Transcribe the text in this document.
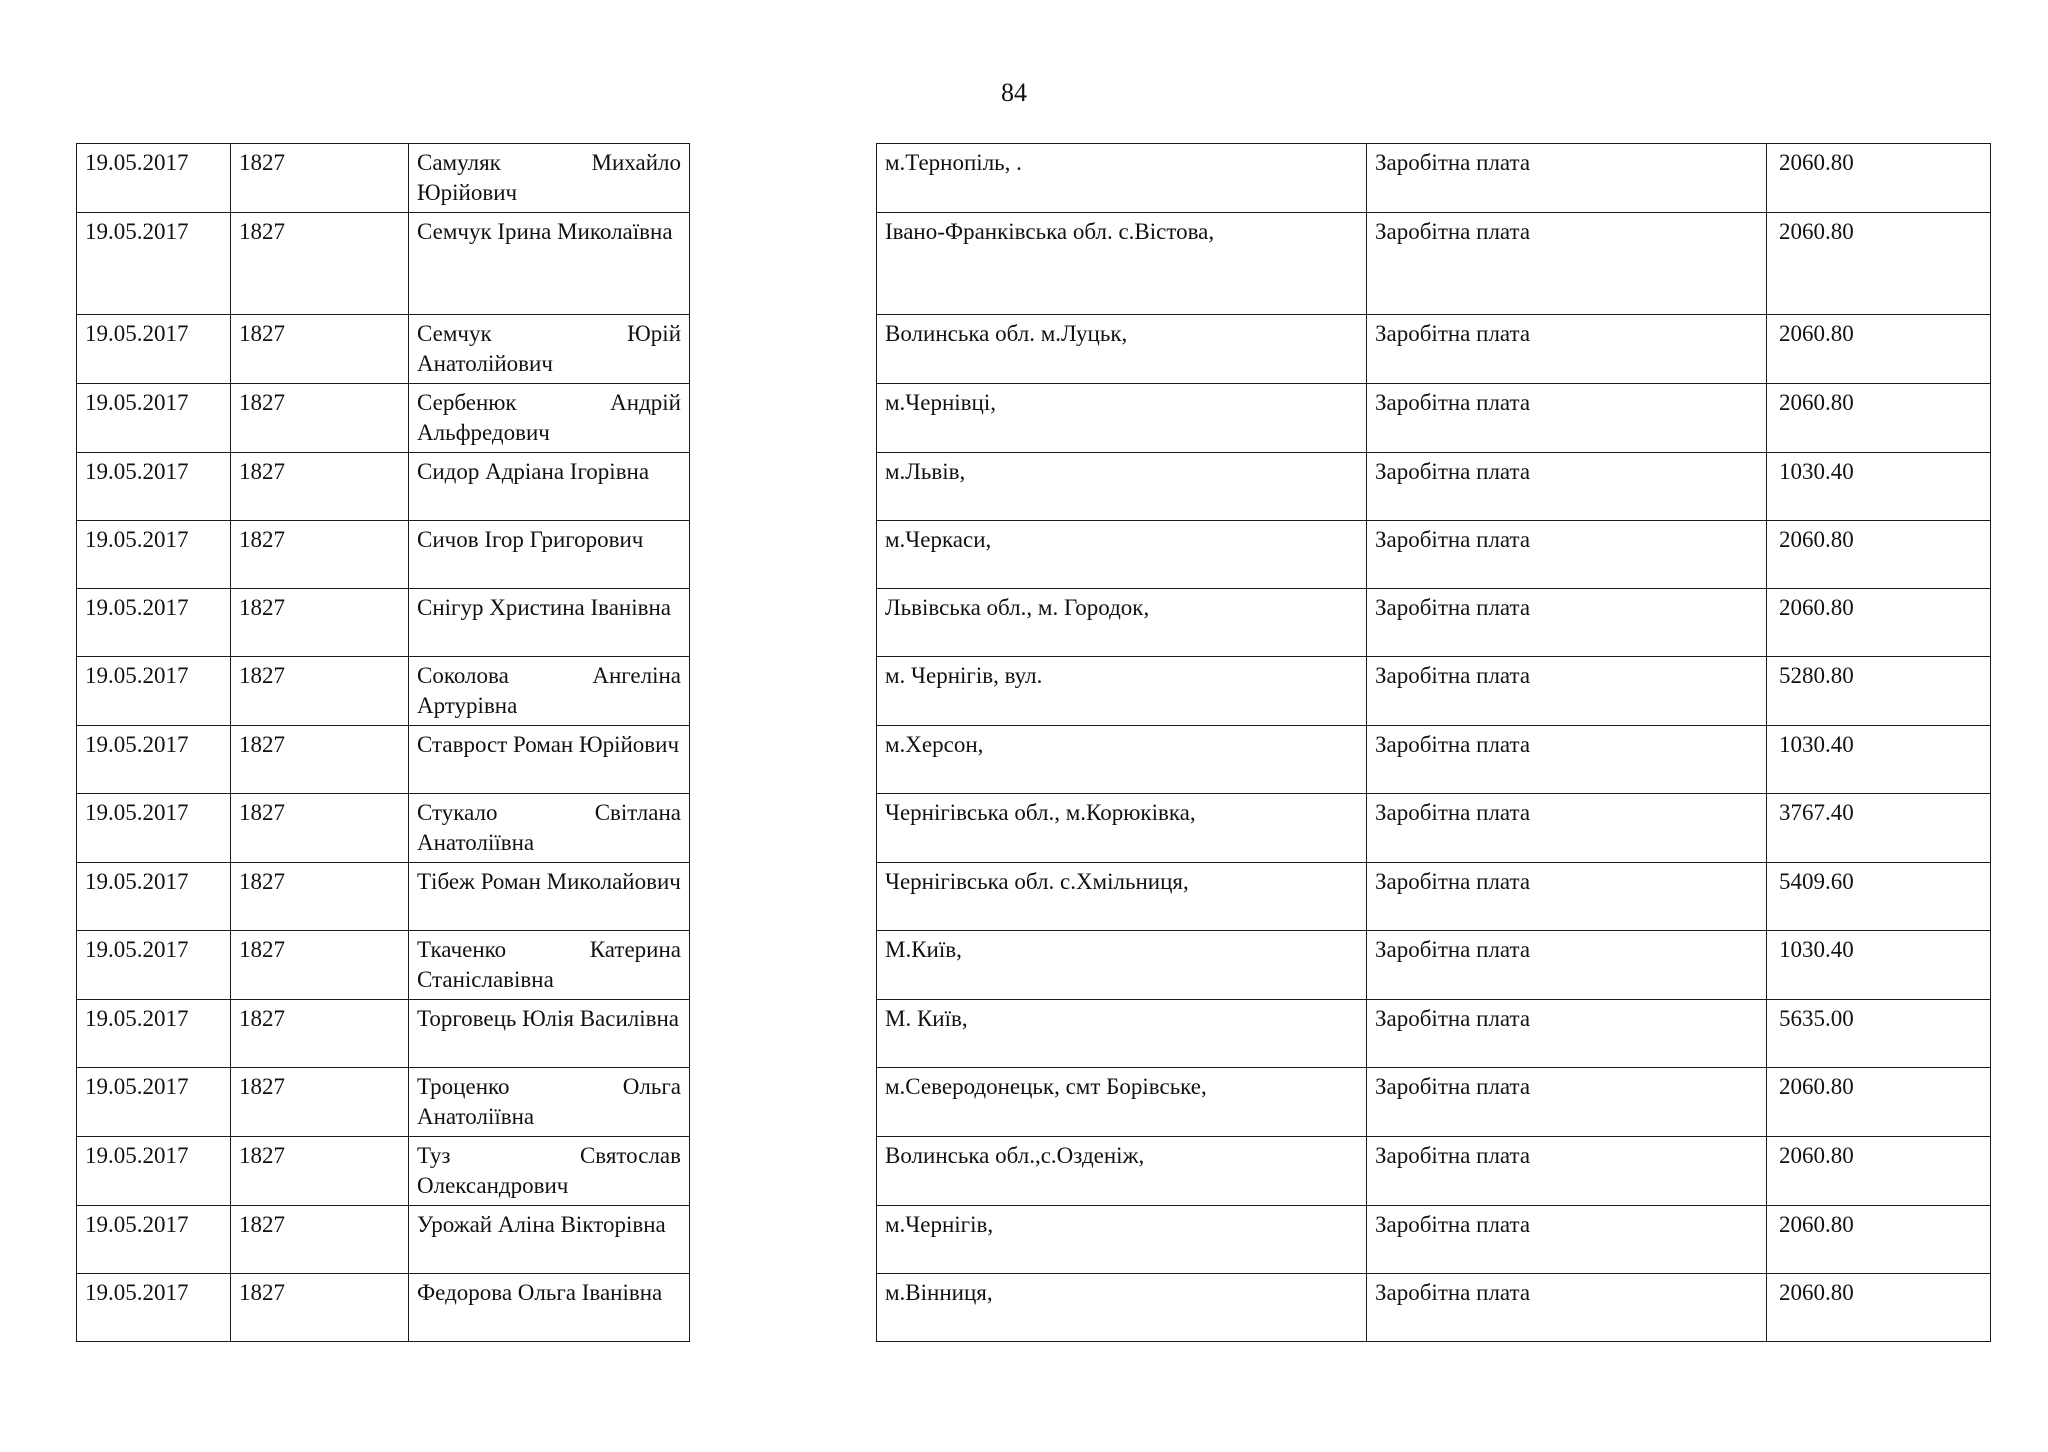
84
19.05.2017	1827	Самуляк Михайло Юрійович		м.Тернопіль, .	Заробітна плата	2060.80
19.05.2017	1827	Семчук Ірина Миколаївна		Івано-Франківська обл. с.Вістова,	Заробітна плата	2060.80
19.05.2017	1827	Семчук Юрій Анатолійович		Волинська обл. м.Луцьк,	Заробітна плата	2060.80
19.05.2017	1827	Сербенюк Андрій Альфредович		м.Чернівці,	Заробітна плата	2060.80
19.05.2017	1827	Сидор Адріана Ігорівна		м.Львів,	Заробітна плата	1030.40
19.05.2017	1827	Сичов Ігор Григорович		м.Черкаси,	Заробітна плата	2060.80
19.05.2017	1827	Снігур Христина Іванівна		Львівська обл., м. Городок,	Заробітна плата	2060.80
19.05.2017	1827	Соколова Ангеліна Артурівна		м. Чернігів, вул.	Заробітна плата	5280.80
19.05.2017	1827	Ставрост Роман Юрійович		м.Херсон,	Заробітна плата	1030.40
19.05.2017	1827	Стукало Світлана Анатоліївна		Чернігівська обл., м.Корюківка,	Заробітна плата	3767.40
19.05.2017	1827	Тібеж Роман Миколайович		Чернігівська обл. с.Хмільниця,	Заробітна плата	5409.60
19.05.2017	1827	Ткаченко Катерина Станіславівна		М.Київ,	Заробітна плата	1030.40
19.05.2017	1827	Торговець Юлія Василівна		М. Київ,	Заробітна плата	5635.00
19.05.2017	1827	Троценко Ольга Анатоліївна		м.Северодонецьк, смт Борівське,	Заробітна плата	2060.80
19.05.2017	1827	Туз Святослав Олександрович		Волинська обл.,с.Озденіж,	Заробітна плата	2060.80
19.05.2017	1827	Урожай Аліна Вікторівна		м.Чернігів,	Заробітна плата	2060.80
19.05.2017	1827	Федорова Ольга Іванівна		м.Вінниця,	Заробітна плата	2060.80
